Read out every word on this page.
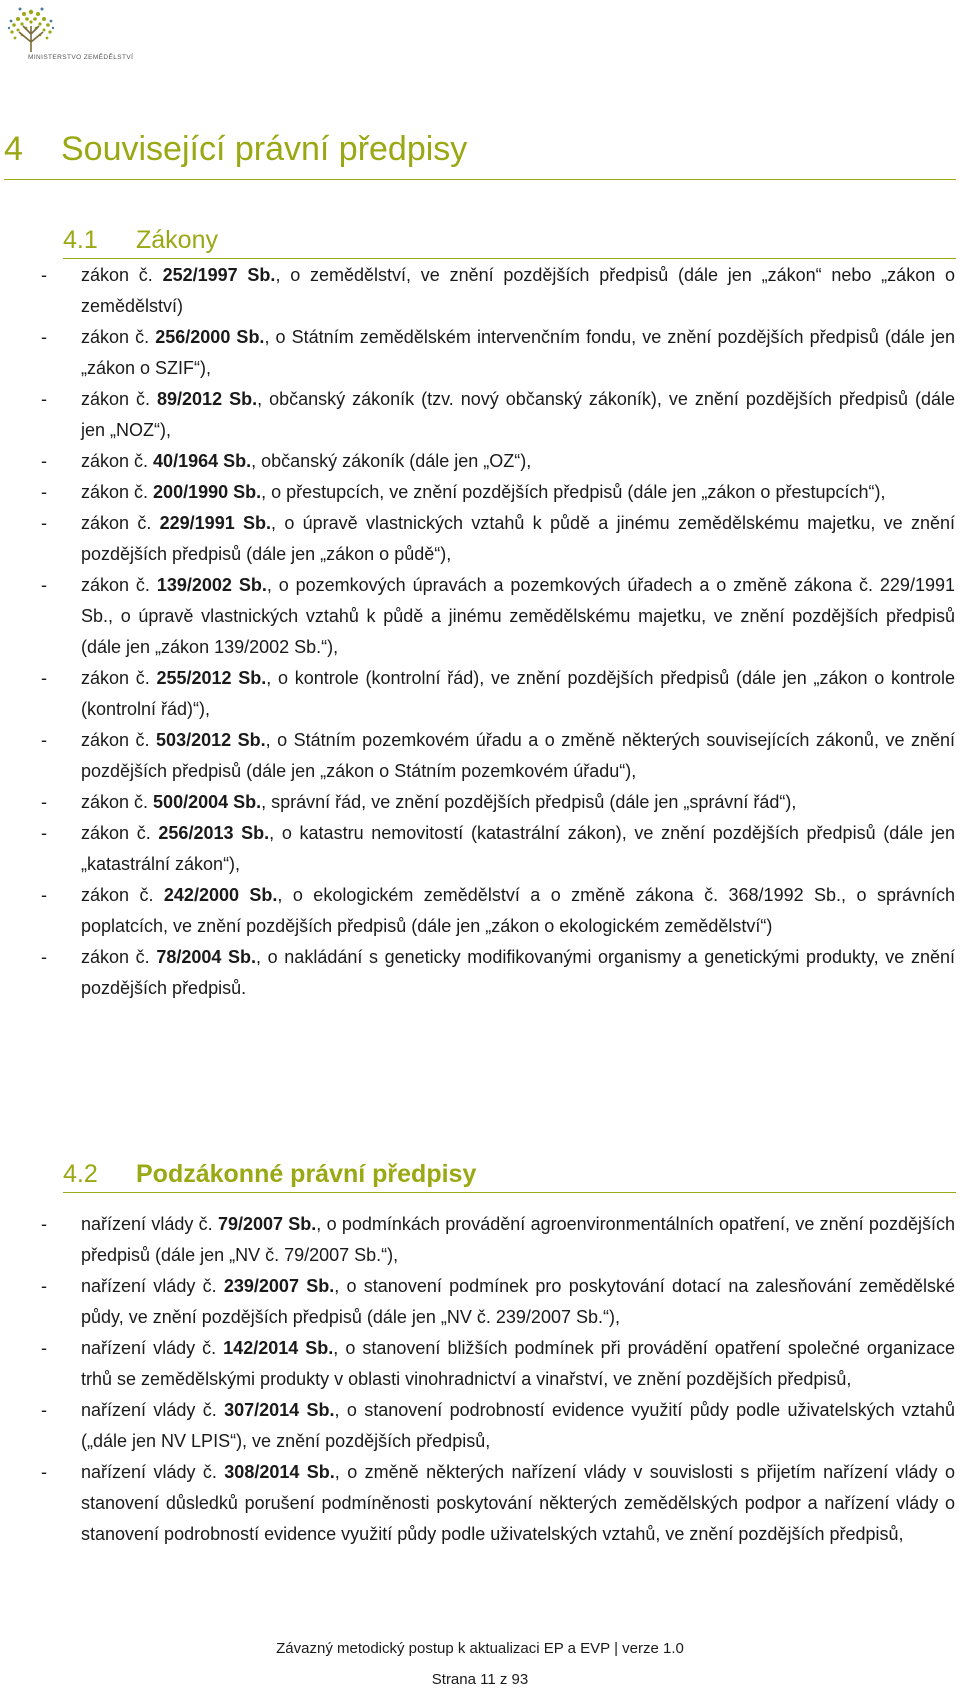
MINISTERSTVO ZEMĚDĚLSTVÍ
4 Související právní předpisy
4.1 Zákony
- zákon č. 252/1997 Sb., o zemědělství, ve znění pozdějších předpisů (dále jen „zákon“ nebo „zákon o zemědělství)
- zákon č. 256/2000 Sb., o Státním zemědělském intervenčním fondu, ve znění pozdějších předpisů (dále jen „zákon o SZIF“),
- zákon č. 89/2012 Sb., občanský zákoník (tzv. nový občanský zákoník), ve znění pozdějších předpisů (dále jen „NOZ“),
- zákon č. 40/1964 Sb., občanský zákoník (dále jen „OZ“),
- zákon č. 200/1990 Sb., o přestupcích, ve znění pozdějších předpisů (dále jen „zákon o přestupcích“),
- zákon č. 229/1991 Sb., o úpravě vlastnických vztahů k půdě a jinému zemědělskému majetku, ve znění pozdějších předpisů (dále jen „zákon o půdě“),
- zákon č. 139/2002 Sb., o pozemkových úpravách a pozemkových úřadech a o změně zákona č. 229/1991 Sb., o úpravě vlastnických vztahů k půdě a jinému zemědělskému majetku, ve znění pozdějších předpisů (dále jen „zákon 139/2002 Sb.“),
- zákon č. 255/2012 Sb., o kontrole (kontrolní řád), ve znění pozdějších předpisů (dále jen „zákon o kontrole (kontrolní řád)“),
- zákon č. 503/2012 Sb., o Státním pozemkovém úřadu a o změně některých souvisejících zákonů, ve znění pozdějších předpisů (dále jen „zákon o Státním pozemkovém úřadu“),
- zákon č. 500/2004 Sb., správní řád, ve znění pozdějších předpisů (dále jen „správní řád“),
- zákon č. 256/2013 Sb., o katastru nemovitostí (katastrální zákon), ve znění pozdějších předpisů (dále jen „katastrální zákon“),
- zákon č. 242/2000 Sb., o ekologickém zemědělství a o změně zákona č. 368/1992 Sb., o správních poplatcích, ve znění pozdějších předpisů (dále jen „zákon o ekologickém zemědělství“)
- zákon č. 78/2004 Sb., o nakládání s geneticky modifikovanými organismy a genetickými produkty, ve znění pozdějších předpisů.
4.2 Podzákonné právní předpisy
- nařízení vlády č. 79/2007 Sb., o podmínkách provádění agroenvironmentálních opatření, ve znění pozdějších předpisů (dále jen „NV č. 79/2007 Sb.“),
- nařízení vlády č. 239/2007 Sb., o stanovení podmínek pro poskytování dotací na zalesňování zemědělské půdy, ve znění pozdějších předpisů (dále jen „NV č. 239/2007 Sb.“),
- nařízení vlády č. 142/2014 Sb., o stanovení bližších podmínek při provádění opatření společné organizace trhů se zemědělskými produkty v oblasti vinohradnictví a vinařství, ve znění pozdějších předpisů,
- nařízení vlády č. 307/2014 Sb., o stanovení podrobností evidence využití půdy podle uživatelských vztahů („dále jen NV LPIS“), ve znění pozdějších předpisů,
- nařízení vlády č. 308/2014 Sb., o změně některých nařízení vlády v souvislosti s přijetím nařízení vlády o stanovení důsledků porušení podmíněnosti poskytování některých zemědělských podpor a nařízení vlády o stanovení podrobností evidence využití půdy podle uživatelských vztahů, ve znění pozdějších předpisů,
Závazný metodický postup k aktualizaci EP a EVP | verze 1.0
Strana 11 z 93
